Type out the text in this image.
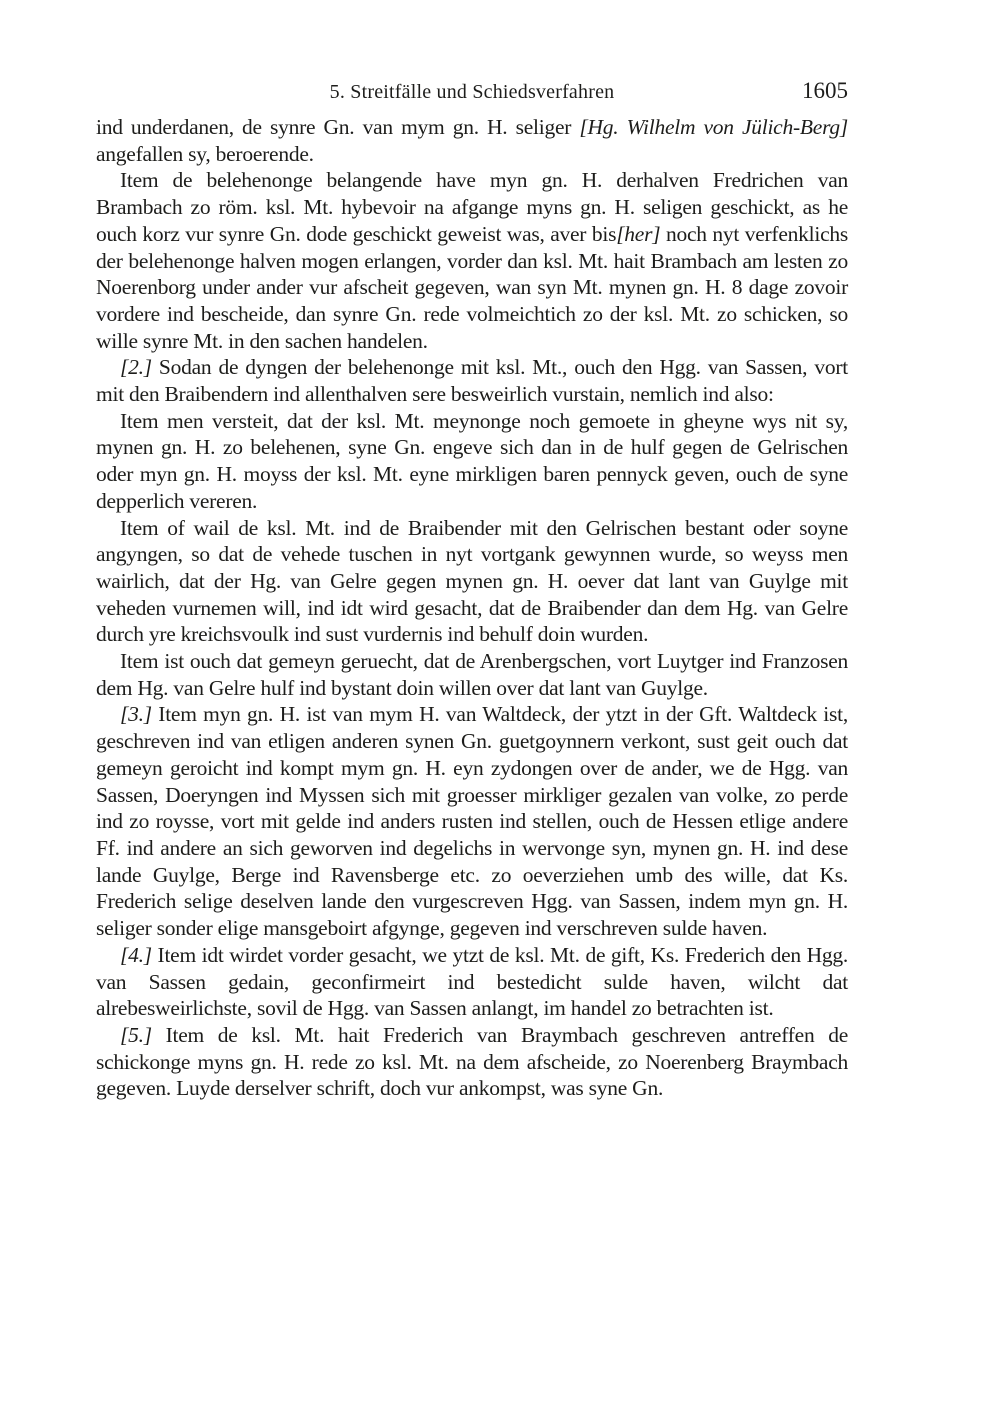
5. Streitfälle und Schiedsverfahren	1605

ind underdanen, de synre Gn. van mym gn. H. seliger [Hg. Wilhelm von Jülich-Berg] angefallen sy, beroerende.

Item de belehenonge belangende have myn gn. H. derhalven Fredrichen van Brambach zo röm. ksl. Mt. hybevoir na afgange myns gn. H. seligen geschickt, as he ouch korz vur synre Gn. dode geschickt geweist was, aver bis[her] noch nyt verfenklichs der belehenonge halven mogen erlangen, vorder dan ksl. Mt. hait Brambach am lesten zo Noerenborg under ander vur afscheit gegeven, wan syn Mt. mynen gn. H. 8 dage zovoir vordere ind bescheide, dan synre Gn. rede volmeichtich zo der ksl. Mt. zo schicken, so wille synre Mt. in den sachen handelen.

[2.] Sodan de dyngen der belehenonge mit ksl. Mt., ouch den Hgg. van Sassen, vort mit den Braibendern ind allenthalven sere besweirlich vurstain, nemlich ind also:

Item men versteit, dat der ksl. Mt. meynonge noch gemoete in gheyne wys nit sy, mynen gn. H. zo belehenen, syne Gn. engeve sich dan in de hulf gegen de Gelrischen oder myn gn. H. moyss der ksl. Mt. eyne mirkligen baren pennyck geven, ouch de syne depperlich vereren.

Item of wail de ksl. Mt. ind de Braibender mit den Gelrischen bestant oder soyne angyngen, so dat de vehede tuschen in nyt vortgank gewynnen wurde, so weyss men wairlich, dat der Hg. van Gelre gegen mynen gn. H. oever dat lant van Guylge mit veheden vurnemen will, ind idt wird gesacht, dat de Braibender dan dem Hg. van Gelre durch yre kreichsvoulk ind sust vurdernis ind behulf doin wurden.

Item ist ouch dat gemeyn geruecht, dat de Arenbergschen, vort Luytger ind Franzosen dem Hg. van Gelre hulf ind bystant doin willen over dat lant van Guylge.

[3.] Item myn gn. H. ist van mym H. van Waltdeck, der ytzt in der Gft. Waltdeck ist, geschreven ind van etligen anderen synen Gn. guetgoynnern verkont, sust geit ouch dat gemeyn geroicht ind kompt mym gn. H. eyn zydongen over de ander, we de Hgg. van Sassen, Doeryngen ind Myssen sich mit groesser mirkliger gezalen van volke, zo perde ind zo roysse, vort mit gelde ind anders rusten ind stellen, ouch de Hessen etlige andere Ff. ind andere an sich geworven ind degelichs in wervonge syn, mynen gn. H. ind dese lande Guylge, Berge ind Ravensberge etc. zo oeverziehen umb des wille, dat Ks. Frederich selige deselven lande den vurgescreven Hgg. van Sassen, indem myn gn. H. seliger sonder elige mansgeboirt afgynge, gegeven ind verschreven sulde haven.

[4.] Item idt wirdet vorder gesacht, we ytzt de ksl. Mt. de gift, Ks. Frederich den Hgg. van Sassen gedain, geconfirmeirt ind bestedicht sulde haven, wilcht dat alrebesweirlichste, sovil de Hgg. van Sassen anlangt, im handel zo betrachten ist.

[5.] Item de ksl. Mt. hait Frederich van Braymbach geschreven antreffen de schickonge myns gn. H. rede zo ksl. Mt. na dem afscheide, zo Noerenberg Braymbach gegeven. Luyde derselver schrift, doch vur ankompst, was syne Gn.
